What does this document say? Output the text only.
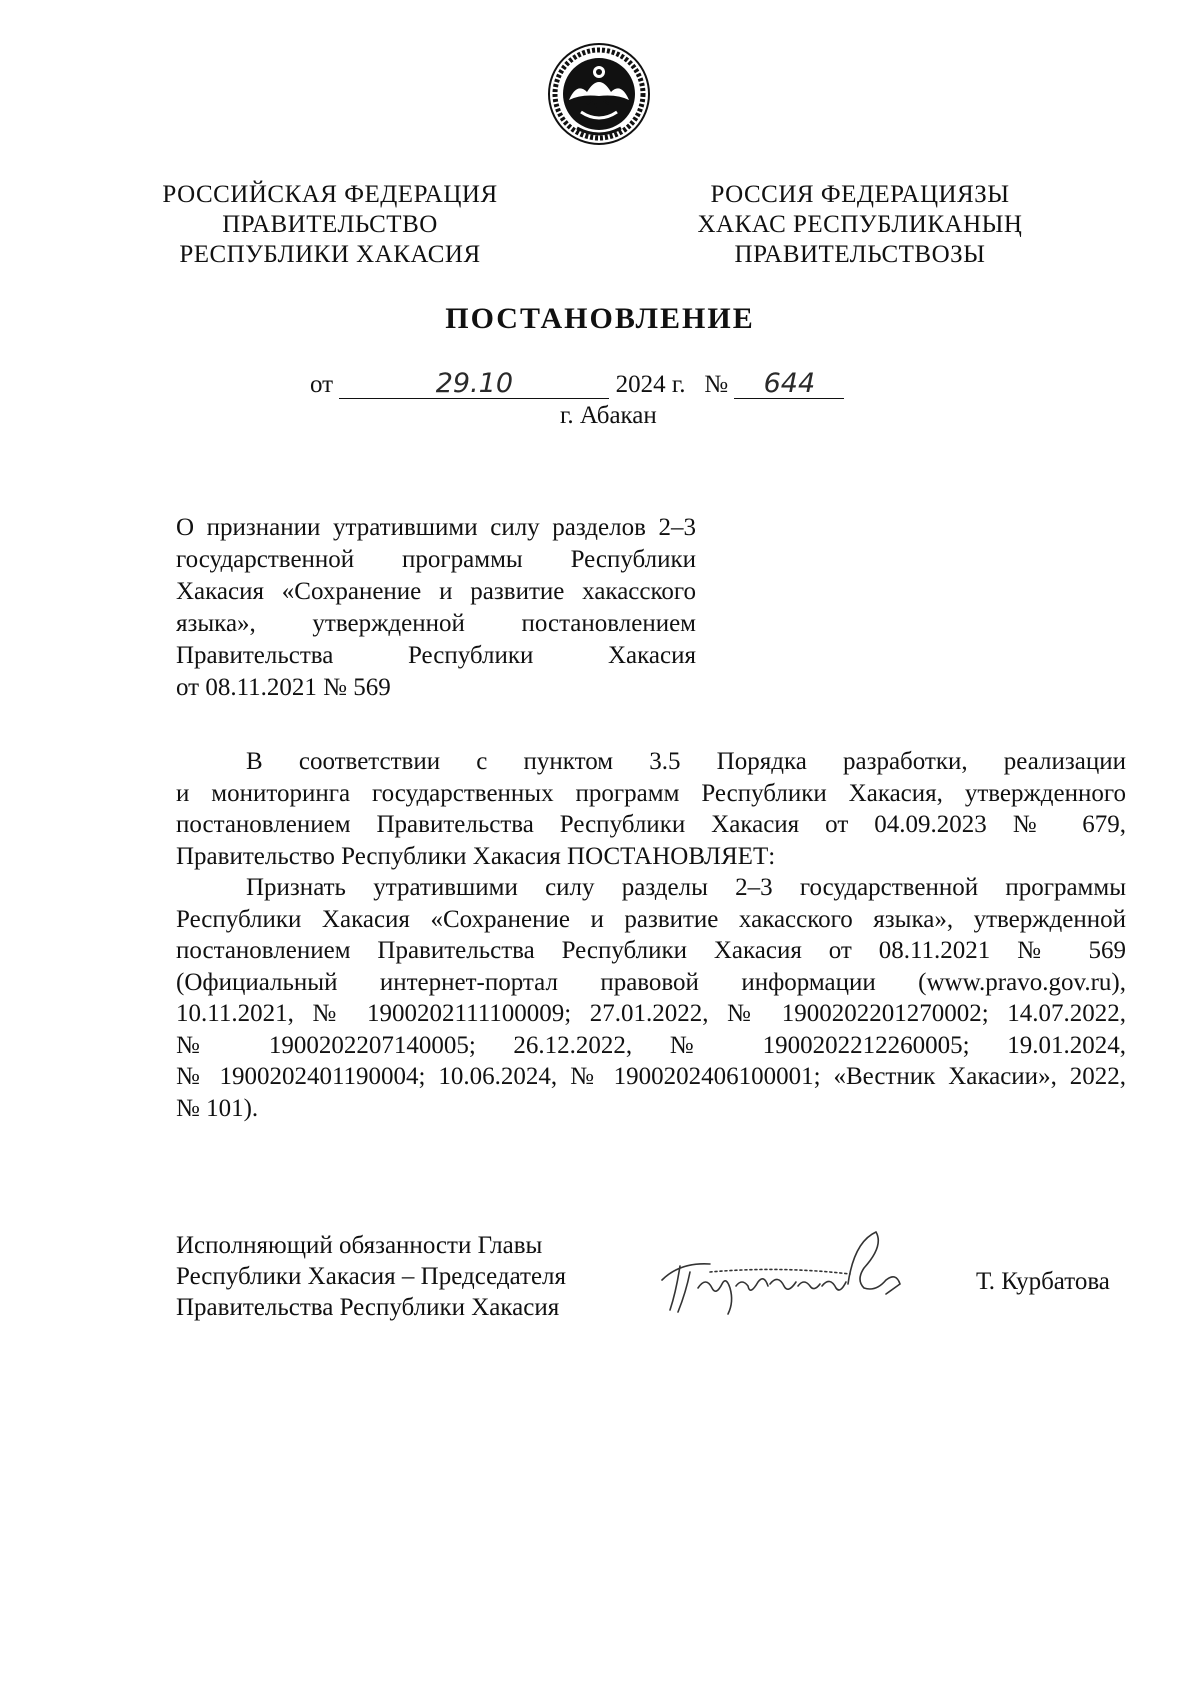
РОССИЙСКАЯ ФЕДЕРАЦИЯ
ПРАВИТЕЛЬСТВО
РЕСПУБЛИКИ ХАКАСИЯ
РОССИЯ ФЕДЕРАЦИЯЗЫ
ХАКАС РЕСПУБЛИКАНЫҢ
ПРАВИТЕЛЬСТВОЗЫ
ПОСТАНОВЛЕНИЕ
от	29.10	2024 г. № 644
г. Абакан
О признании утратившими силу разделов 2–3
государственной программы Республики
Хакасия «Сохранение и развитие хакасского
языка», утвержденной постановлением
Правительства Республики Хакасия
от 08.11.2021 № 569
В соответствии с пунктом 3.5 Порядка разработки, реализации
и мониторинга государственных программ Республики Хакасия, утвержденного
постановлением Правительства Республики Хакасия от 04.09.2023 № 679,
Правительство Республики Хакасия ПОСТАНОВЛЯЕТ:
Признать утратившими силу разделы 2–3 государственной программы
Республики Хакасия «Сохранение и развитие хакасского языка», утвержденной
постановлением Правительства Республики Хакасия от 08.11.2021 № 569
(Официальный интернет-портал правовой информации (www.pravo.gov.ru),
10.11.2021, № 1900202111100009; 27.01.2022, № 1900202201270002; 14.07.2022,
№ 1900202207140005; 26.12.2022, № 1900202212260005; 19.01.2024,
№ 1900202401190004; 10.06.2024, № 1900202406100001; «Вестник Хакасии», 2022,
№ 101).
Исполняющий обязанности Главы
Республики Хакасия – Председателя
Правительства Республики Хакасия
Т. Курбатова
